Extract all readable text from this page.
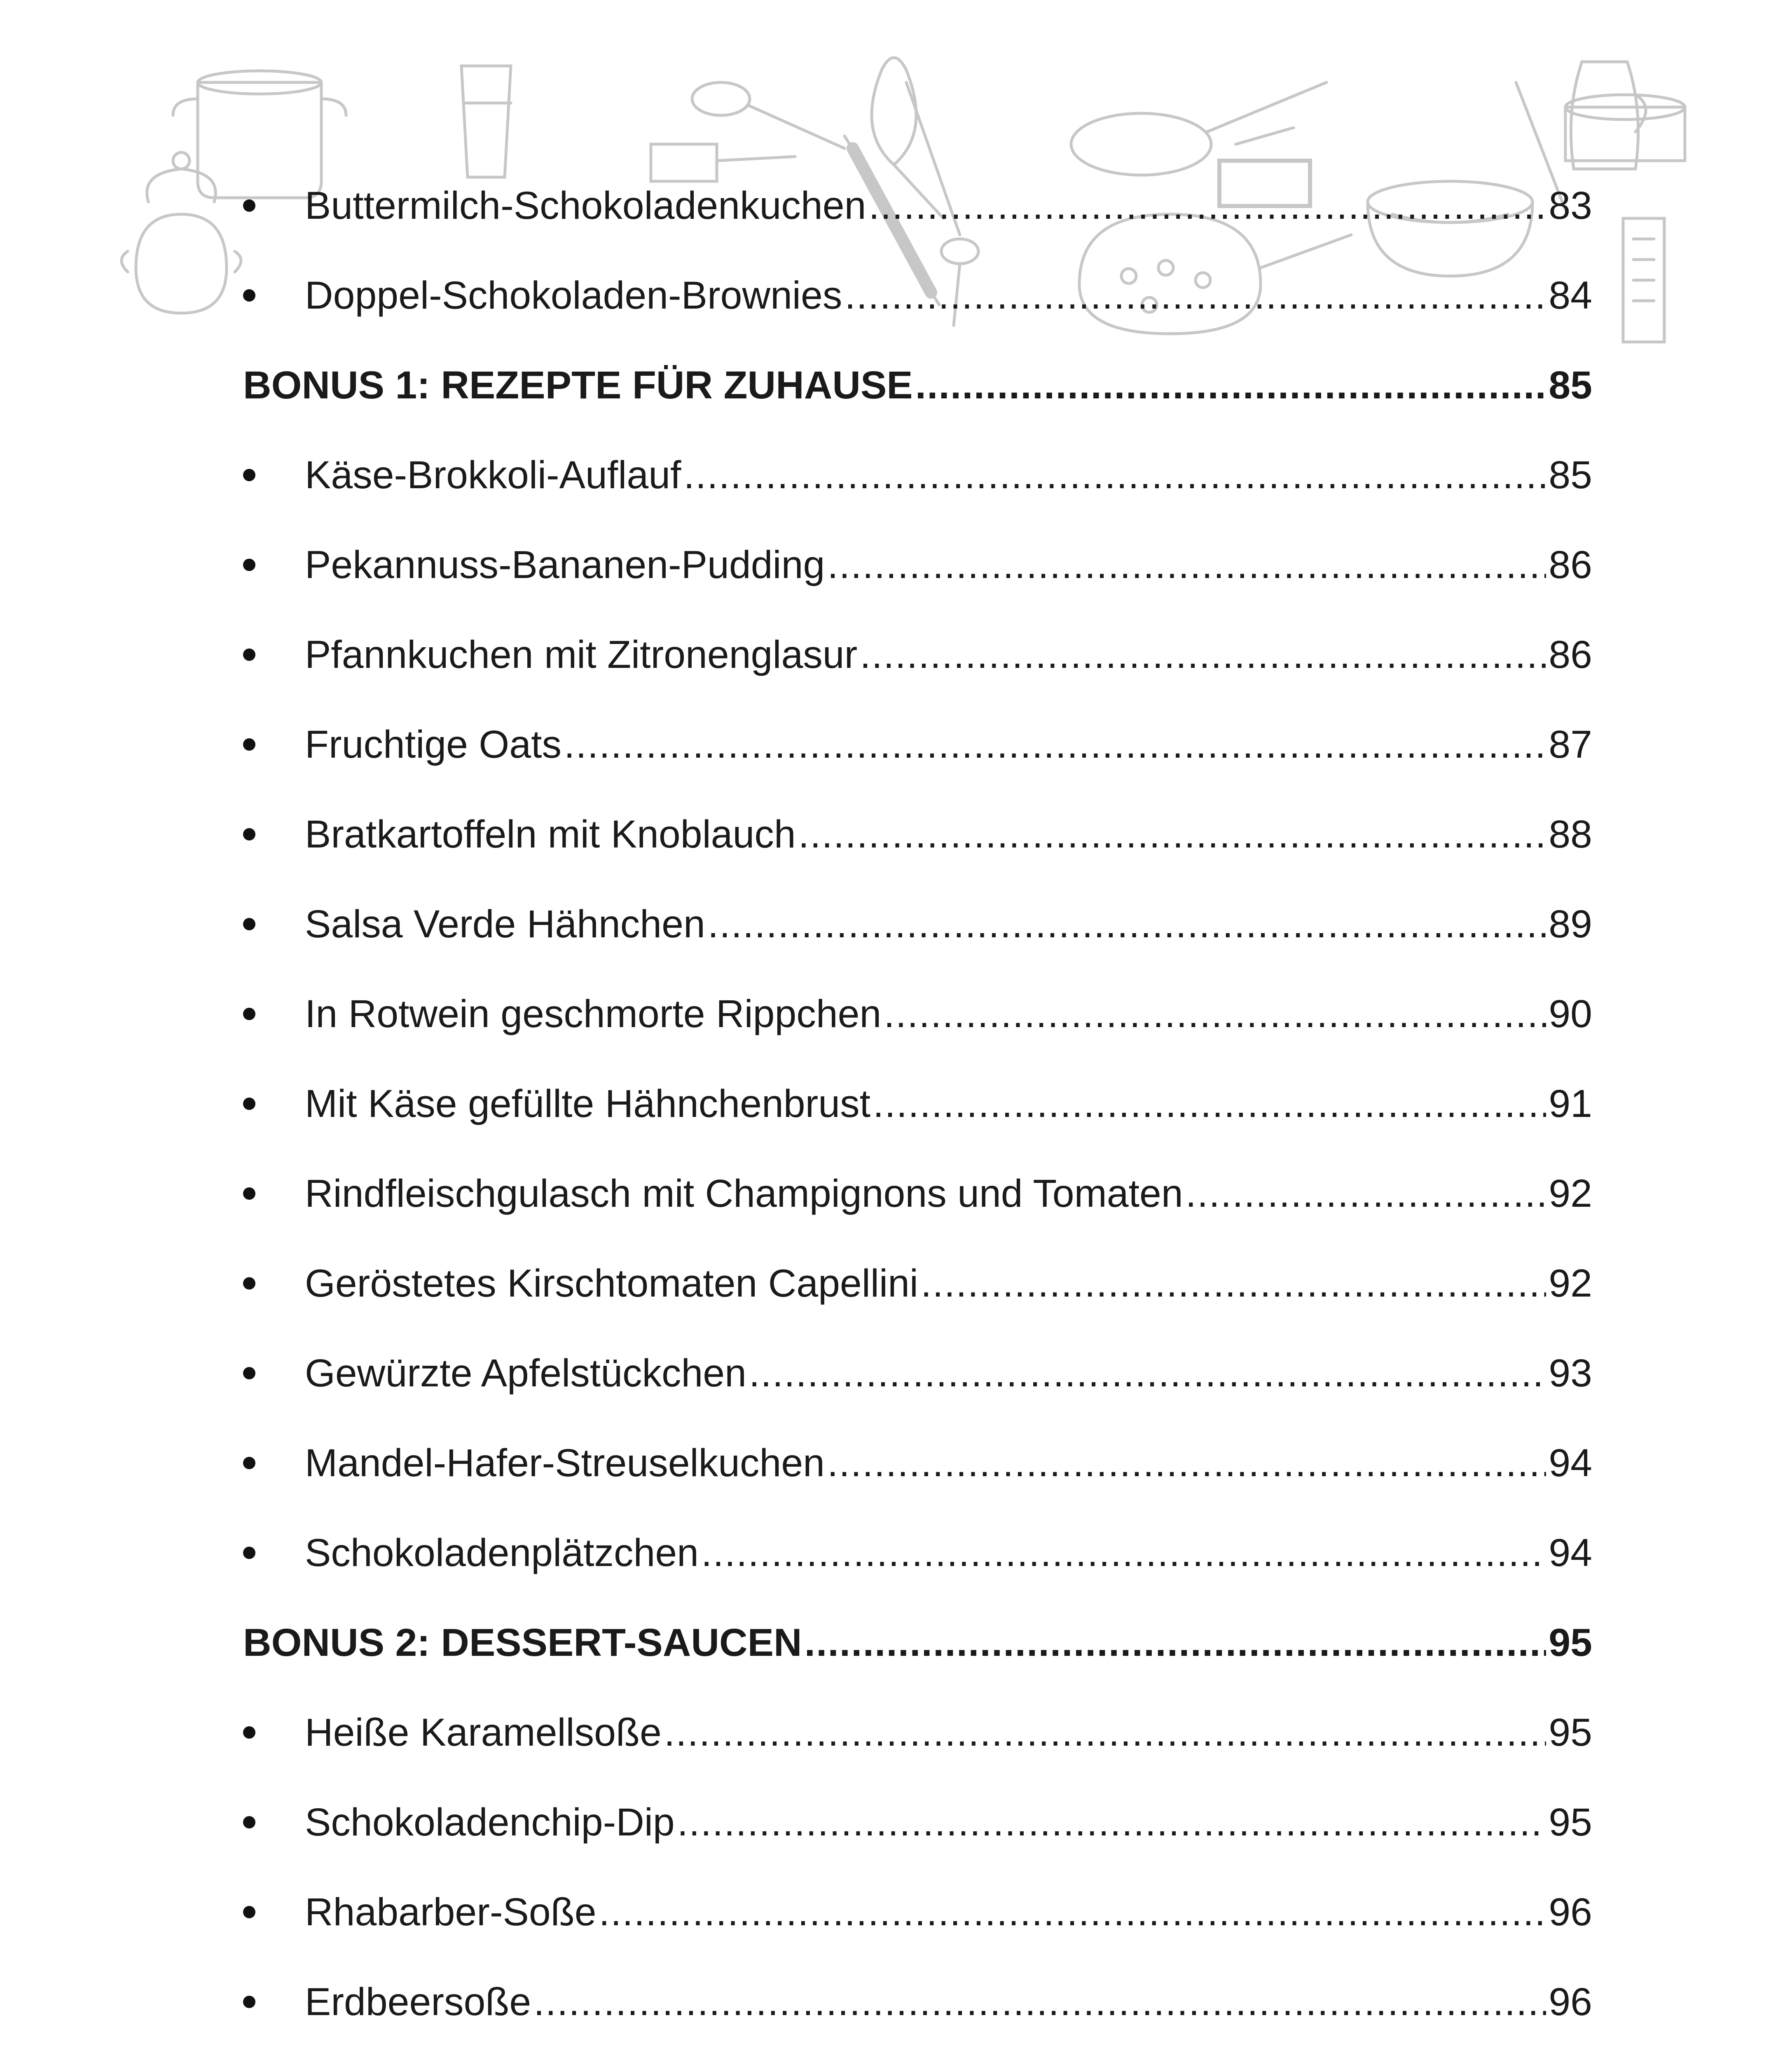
Buttermilch-Schokoladenkuchen .....	83
Doppel-Schokoladen-Brownies .....	84
BONUS 1: REZEPTE FÜR ZUHAUSE .....	85
Käse-Brokkoli-Auflauf .....	85
Pekannuss-Bananen-Pudding .....	86
Pfannkuchen mit Zitronenglasur .....	86
Fruchtige Oats .....	87
Bratkartoffeln mit Knoblauch .....	88
Salsa Verde Hähnchen .....	89
In Rotwein geschmorte Rippchen .....	90
Mit Käse gefüllte Hähnchenbrust .....	91
Rindfleischgulasch mit Champignons und Tomaten .....	92
Geröstetes Kirschtomaten Capellini .....	92
Gewürzte Apfelstückchen .....	93
Mandel-Hafer-Streuselkuchen .....	94
Schokoladenplätzchen .....	94
BONUS 2: DESSERT-SAUCEN .....	95
Heiße Karamellsoße .....	95
Schokoladenchip-Dip .....	95
Rhabarber-Soße .....	96
Erdbeersoße .....	96
